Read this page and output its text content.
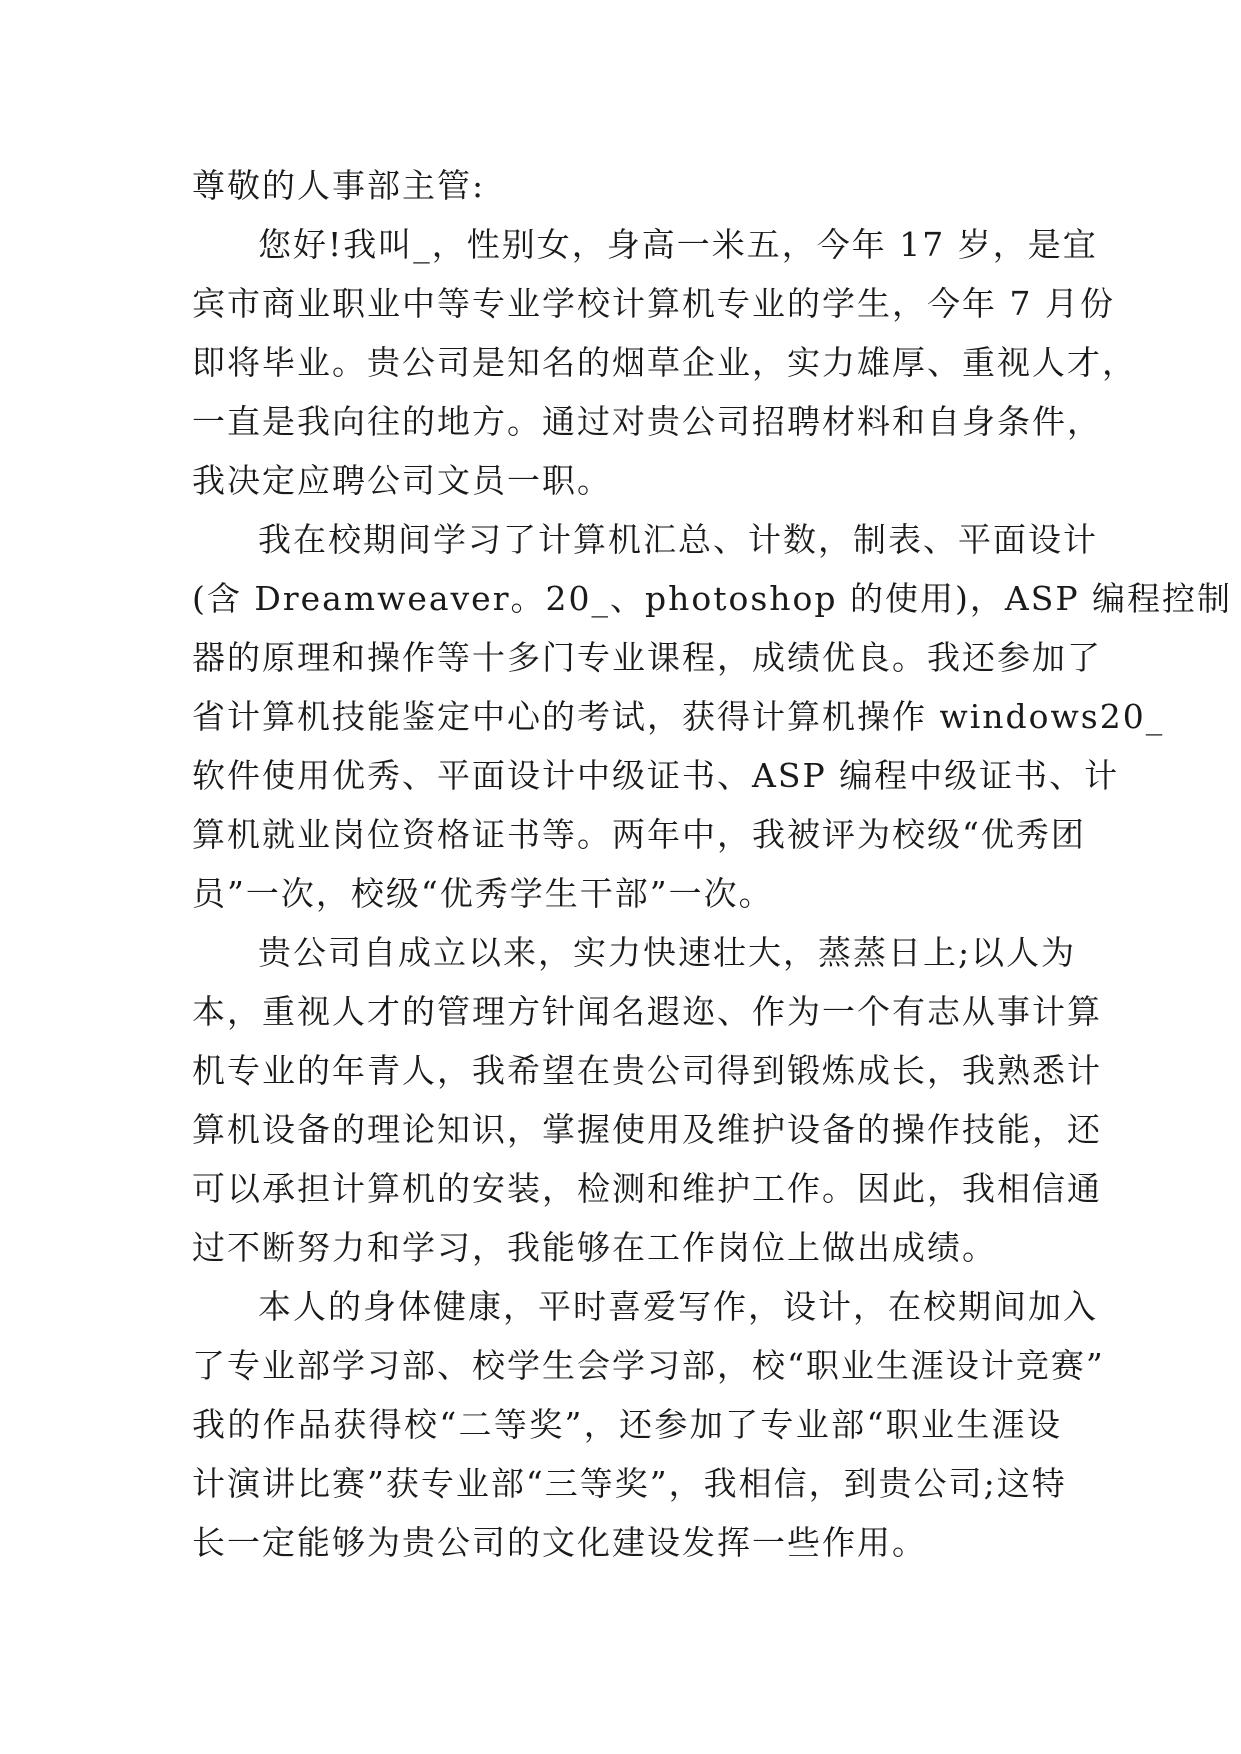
尊敬的人事部主管:
您好!我叫_，性别女，身高一米五，今年 17 岁，是宜
宾市商业职业中等专业学校计算机专业的学生，今年 7 月份
即将毕业。贵公司是知名的烟草企业，实力雄厚、重视人才，
一直是我向往的地方。通过对贵公司招聘材料和自身条件，
我决定应聘公司文员一职。
我在校期间学习了计算机汇总、计数，制表、平面设计
(含 Dreamweaver。20_、photoshop 的使用)，ASP 编程控制
器的原理和操作等十多门专业课程，成绩优良。我还参加了
省计算机技能鉴定中心的考试，获得计算机操作 windows20_
软件使用优秀、平面设计中级证书、ASP 编程中级证书、计
算机就业岗位资格证书等。两年中，我被评为校级“优秀团
员”一次，校级“优秀学生干部”一次。
贵公司自成立以来，实力快速壮大，蒸蒸日上;以人为
本，重视人才的管理方针闻名遐迩、作为一个有志从事计算
机专业的年青人，我希望在贵公司得到锻炼成长，我熟悉计
算机设备的理论知识，掌握使用及维护设备的操作技能，还
可以承担计算机的安装，检测和维护工作。因此，我相信通
过不断努力和学习，我能够在工作岗位上做出成绩。
本人的身体健康，平时喜爱写作，设计，在校期间加入
了专业部学习部、校学生会学习部，校“职业生涯设计竞赛”
我的作品获得校“二等奖”，还参加了专业部“职业生涯设
计演讲比赛”获专业部“三等奖”，我相信，到贵公司;这特
长一定能够为贵公司的文化建设发挥一些作用。
